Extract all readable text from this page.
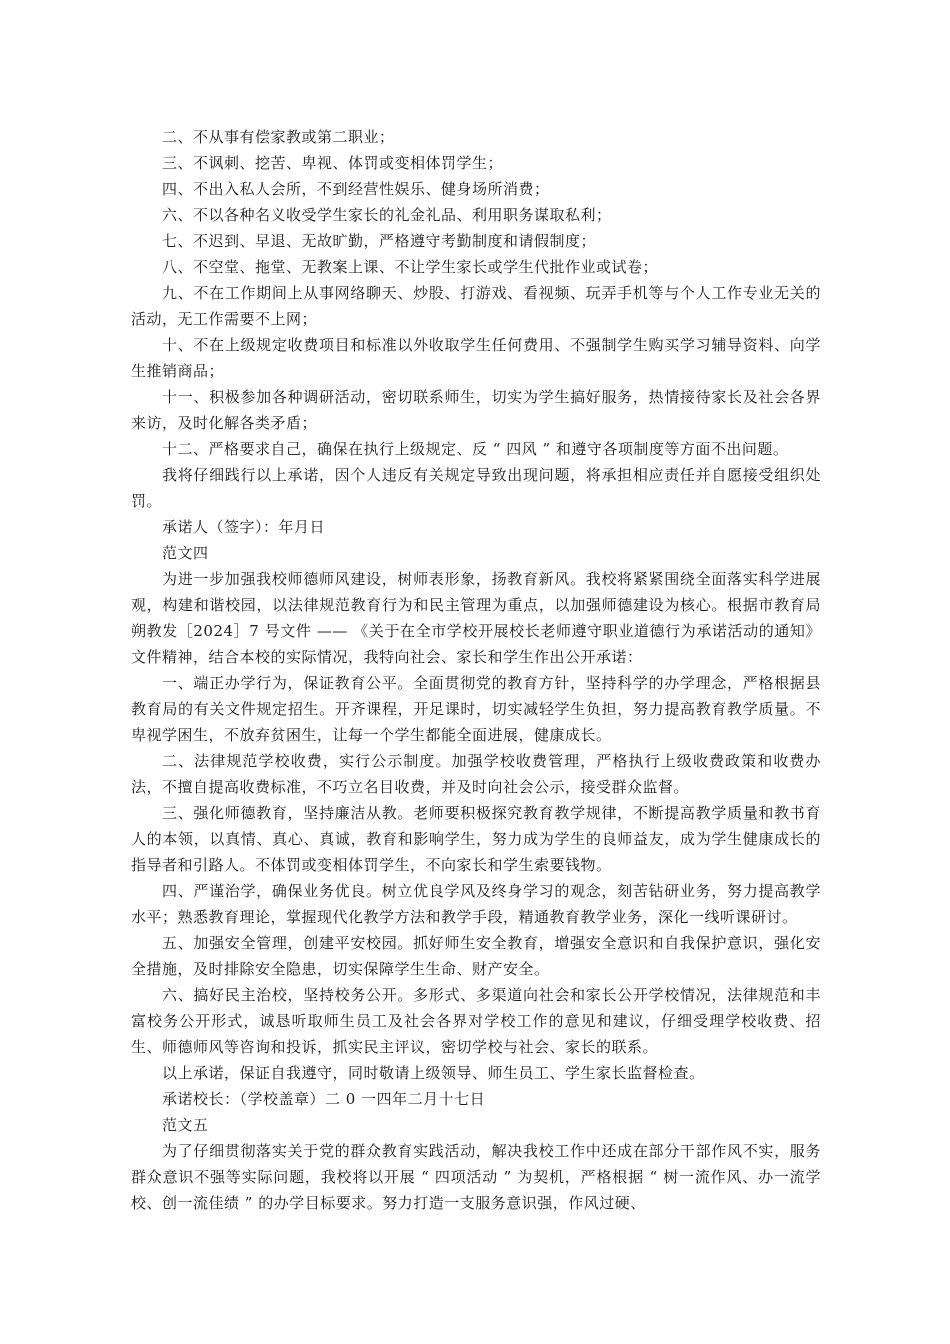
二、不从事有偿家教或第二职业；

三、不讽刺、挖苦、卑视、体罚或变相体罚学生；

四、不出入私人会所，不到经营性娱乐、健身场所消费；

六、不以各种名义收受学生家长的礼金礼品、利用职务谋取私利；

七、不迟到、早退、无故旷勤，严格遵守考勤制度和请假制度；

八、不空堂、拖堂、无教案上课、不让学生家长或学生代批作业或试卷；

九、不在工作期间上从事网络聊天、炒股、打游戏、看视频、玩弄手机等与个人工作专业无关的活动，无工作需要不上网；

十、不在上级规定收费项目和标准以外收取学生任何费用、不强制学生购买学习辅导资料、向学生推销商品；

十一、积极参加各种调研活动，密切联系师生，切实为学生搞好服务，热情接待家长及社会各界来访，及时化解各类矛盾；

十二、严格要求自己，确保在执行上级规定、反 “ 四风 ” 和遵守各项制度等方面不出问题。

我将仔细践行以上承诺，因个人违反有关规定导致出现问题，将承担相应责任并自愿接受组织处罚。

承诺人（签字）：年月日

范文四

为进一步加强我校师德师风建设，树师表形象，扬教育新风。我校将紧紧围绕全面落实科学进展观，构建和谐校园，以法律规范教育行为和民主管理为重点，以加强师德建设为核心。根据市教育局朔教发［2024］7 号文件 —— 《关于在全市学校开展校长老师遵守职业道德行为承诺活动的通知》文件精神，结合本校的实际情况，我特向社会、家长和学生作出公开承诺：

一、端正办学行为，保证教育公平。全面贯彻党的教育方针，坚持科学的办学理念，严格根据县教育局的有关文件规定招生。开齐课程，开足课时，切实减轻学生负担，努力提高教育教学质量。不卑视学困生，不放弃贫困生，让每一个学生都能全面进展，健康成长。

二、法律规范学校收费，实行公示制度。加强学校收费管理，严格执行上级收费政策和收费办法，不擅自提高收费标准，不巧立名目收费，并及时向社会公示，接受群众监督。

三、强化师德教育，坚持廉洁从教。老师要积极探究教育教学规律，不断提高教学质量和教书育人的本领，以真情、真心、真诚，教育和影响学生，努力成为学生的良师益友，成为学生健康成长的指导者和引路人。不体罚或变相体罚学生，不向家长和学生索要钱物。

四、严谨治学，确保业务优良。树立优良学风及终身学习的观念，刻苦钻研业务，努力提高教学水平；熟悉教育理论，掌握现代化教学方法和教学手段，精通教育教学业务，深化一线听课研讨。

五、加强安全管理，创建平安校园。抓好师生安全教育，增强安全意识和自我保护意识，强化安全措施，及时排除安全隐患，切实保障学生生命、财产安全。

六、搞好民主治校，坚持校务公开。多形式、多渠道向社会和家长公开学校情况，法律规范和丰富校务公开形式，诚恳听取师生员工及社会各界对学校工作的意见和建议，仔细受理学校收费、招生、师德师风等咨询和投诉，抓实民主评议，密切学校与社会、家长的联系。

以上承诺，保证自我遵守，同时敬请上级领导、师生员工、学生家长监督检查。

承诺校长：（学校盖章）二 0 一四年二月十七日

范文五

为了仔细贯彻落实关于党的群众教育实践活动，解决我校工作中还成在部分干部作风不实，服务群众意识不强等实际问题，我校将以开展 “ 四项活动 ” 为契机，严格根据 “ 树一流作风、办一流学校、创一流佳绩 ” 的办学目标要求。努力打造一支服务意识强，作风过硬、
